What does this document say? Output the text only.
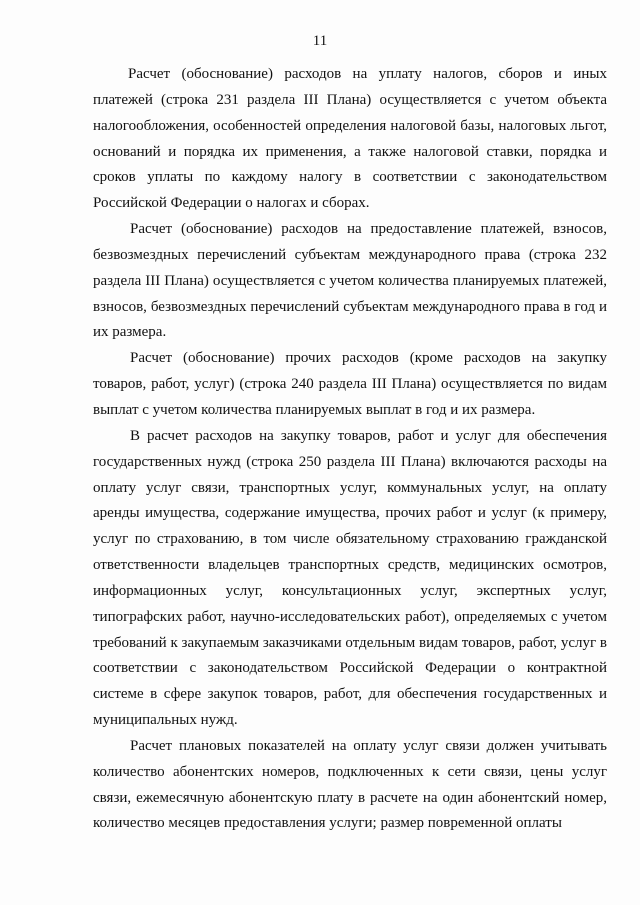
11

Расчет (обоснование) расходов на уплату налогов, сборов и иных платежей (строка 231 раздела III Плана) осуществляется с учетом объекта налогообложения, особенностей определения налоговой базы, налоговых льгот, оснований и порядка их применения, а также налоговой ставки, порядка и сроков уплаты по каждому налогу в соответствии с законодательством Российской Федерации о налогах и сборах.

Расчет (обоснование) расходов на предоставление платежей, взносов, безвозмездных перечислений субъектам международного права (строка 232 раздела III Плана) осуществляется с учетом количества планируемых платежей, взносов, безвозмездных перечислений субъектам международного права в год и их размера.

Расчет (обоснование) прочих расходов (кроме расходов на закупку товаров, работ, услуг) (строка 240 раздела III Плана) осуществляется по видам выплат с учетом количества планируемых выплат в год и их размера.

В расчет расходов на закупку товаров, работ и услуг для обеспечения государственных нужд (строка 250 раздела III Плана) включаются расходы на оплату услуг связи, транспортных услуг, коммунальных услуг, на оплату аренды имущества, содержание имущества, прочих работ и услуг (к примеру, услуг по страхованию, в том числе обязательному страхованию гражданской ответственности владельцев транспортных средств, медицинских осмотров, информационных услуг, консультационных услуг, экспертных услуг, типографских работ, научно-исследовательских работ), определяемых с учетом требований к закупаемым заказчиками отдельным видам товаров, работ, услуг в соответствии с законодательством Российской Федерации о контрактной системе в сфере закупок товаров, работ, для обеспечения государственных и муниципальных нужд.

Расчет плановых показателей на оплату услуг связи должен учитывать количество абонентских номеров, подключенных к сети связи, цены услуг связи, ежемесячную абонентскую плату в расчете на один абонентский номер, количество месяцев предоставления услуги; размер повременной оплаты
